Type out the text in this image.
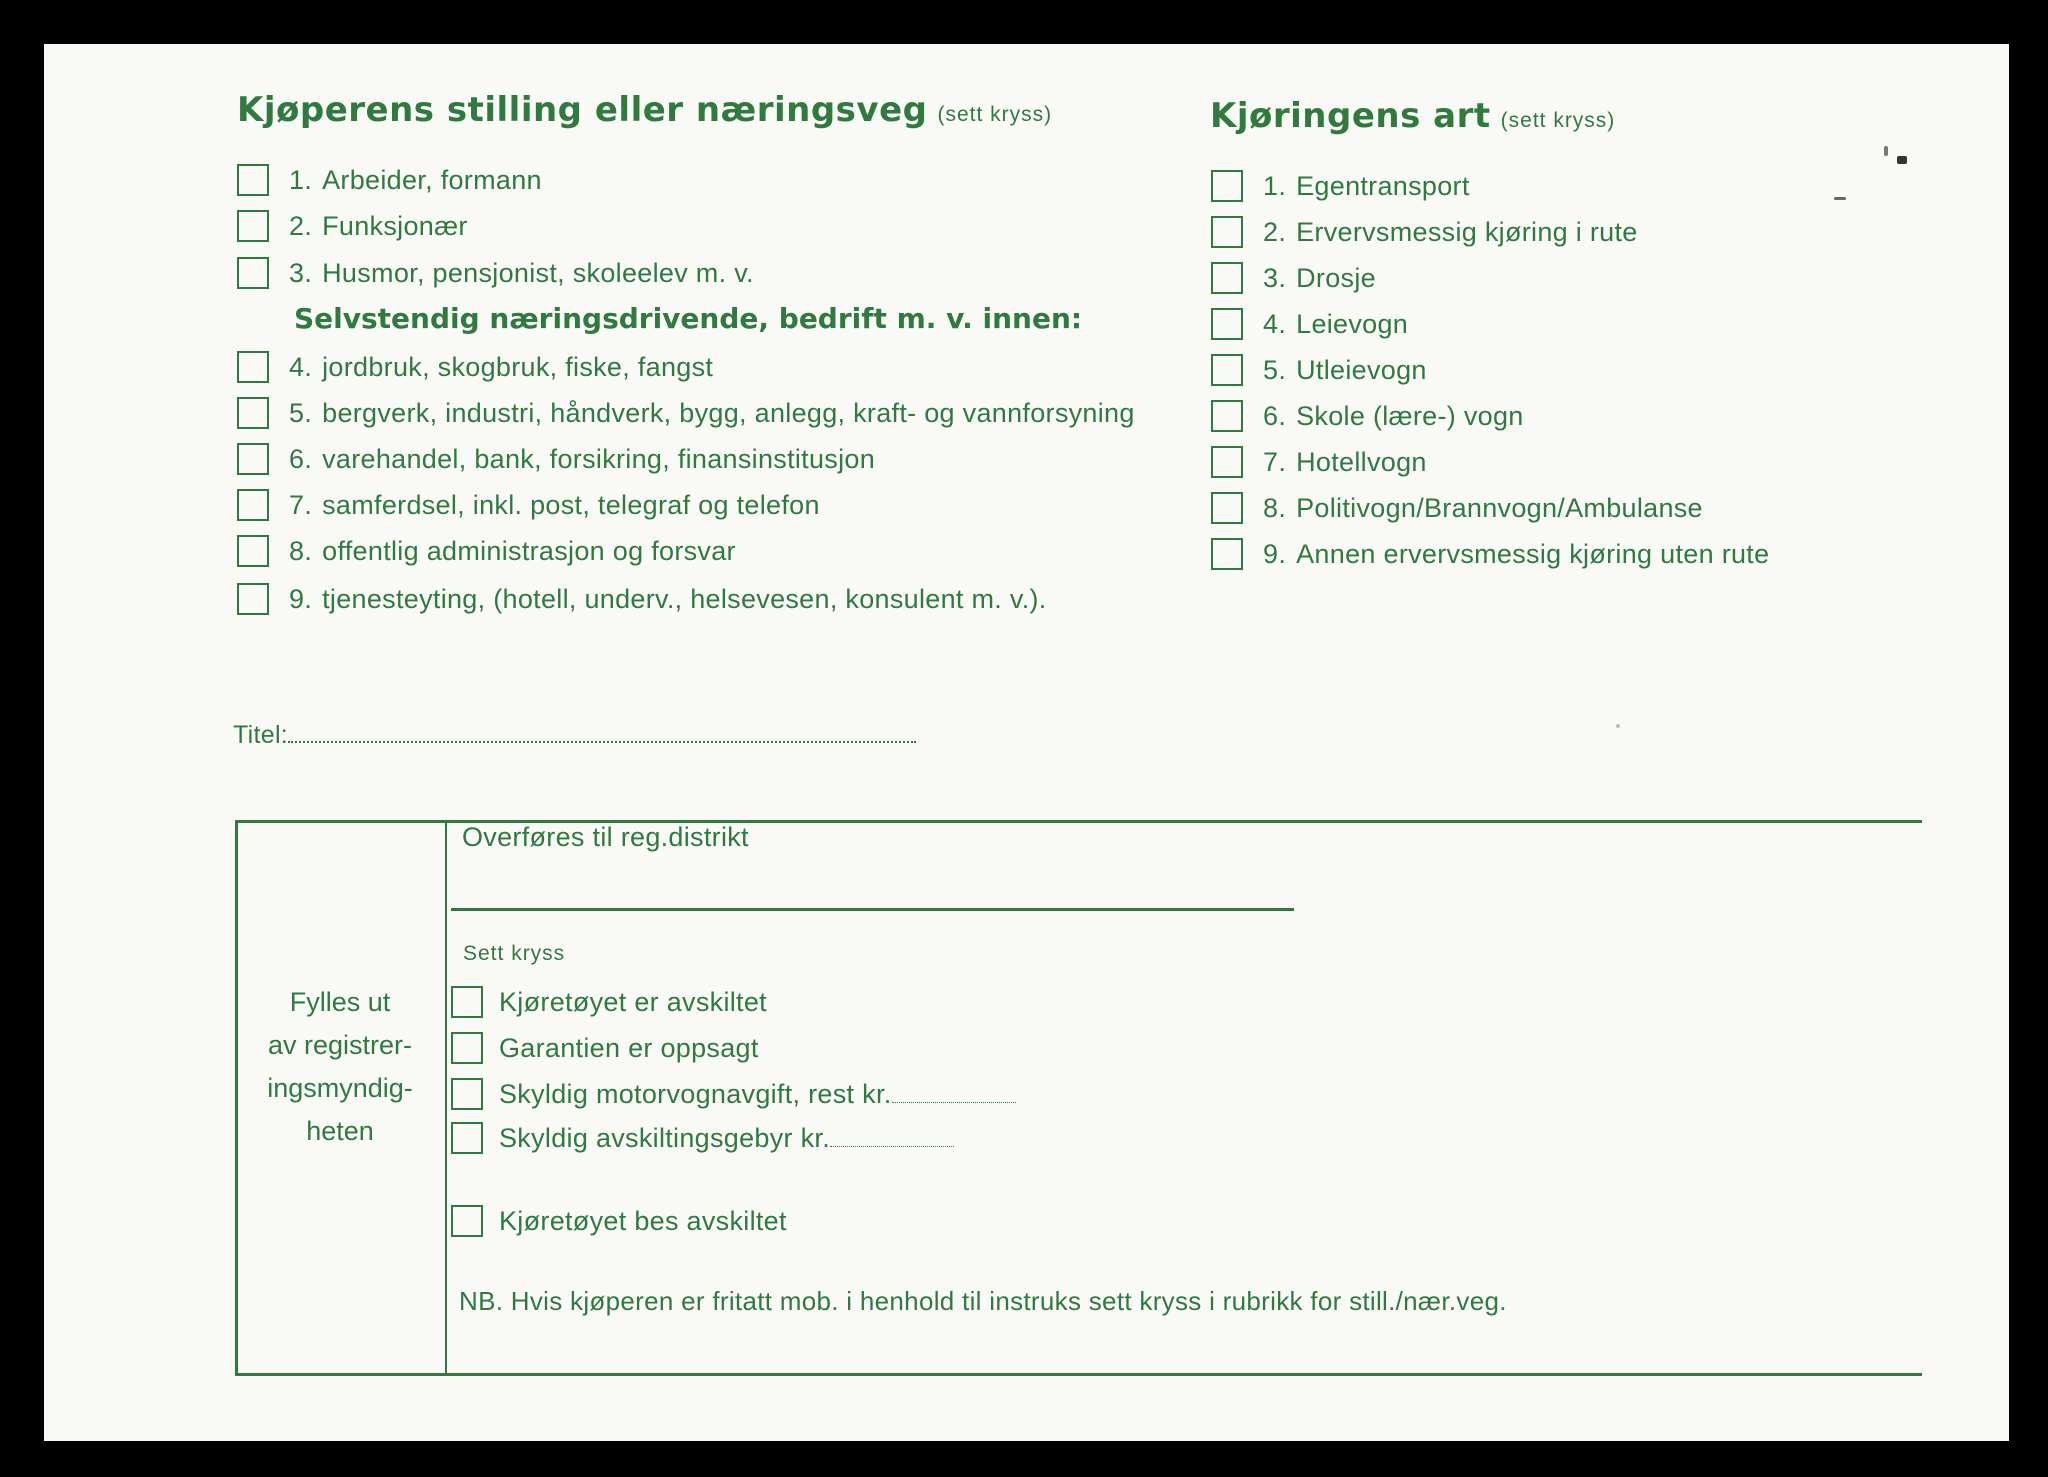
Kjøperens stilling eller næringsveg (sett kryss)
1. Arbeider, formann
2. Funksjonær
3. Husmor, pensjonist, skoleelev m. v.
Selvstendig næringsdrivende, bedrift m. v. innen:
4. jordbruk, skogbruk, fiske, fangst
5. bergverk, industri, håndverk, bygg, anlegg, kraft- og vannforsyning
6. varehandel, bank, forsikring, finansinstitusjon
7. samferdsel, inkl. post, telegraf og telefon
8. offentlig administrasjon og forsvar
9. tjenesteyting, (hotell, underv., helsevesen, konsulent m. v.).
Kjøringens art (sett kryss)
1. Egentransport
2. Ervervsmessig kjøring i rute
3. Drosje
4. Leievogn
5. Utleievogn
6. Skole (lære-) vogn
7. Hotellvogn
8. Politivogn/Brannvogn/Ambulanse
9. Annen ervervsmessig kjøring uten rute
Titel:
Fylles ut
av registrer-
ingsmyndig-
heten
Overføres til reg.distrikt
Sett kryss
Kjøretøyet er avskiltet
Garantien er oppsagt
Skyldig motorvognavgift, rest kr.
Skyldig avskiltingsgebyr kr.
Kjøretøyet bes avskiltet
NB. Hvis kjøperen er fritatt mob. i henhold til instruks sett kryss i rubrikk for still./nær.veg.
